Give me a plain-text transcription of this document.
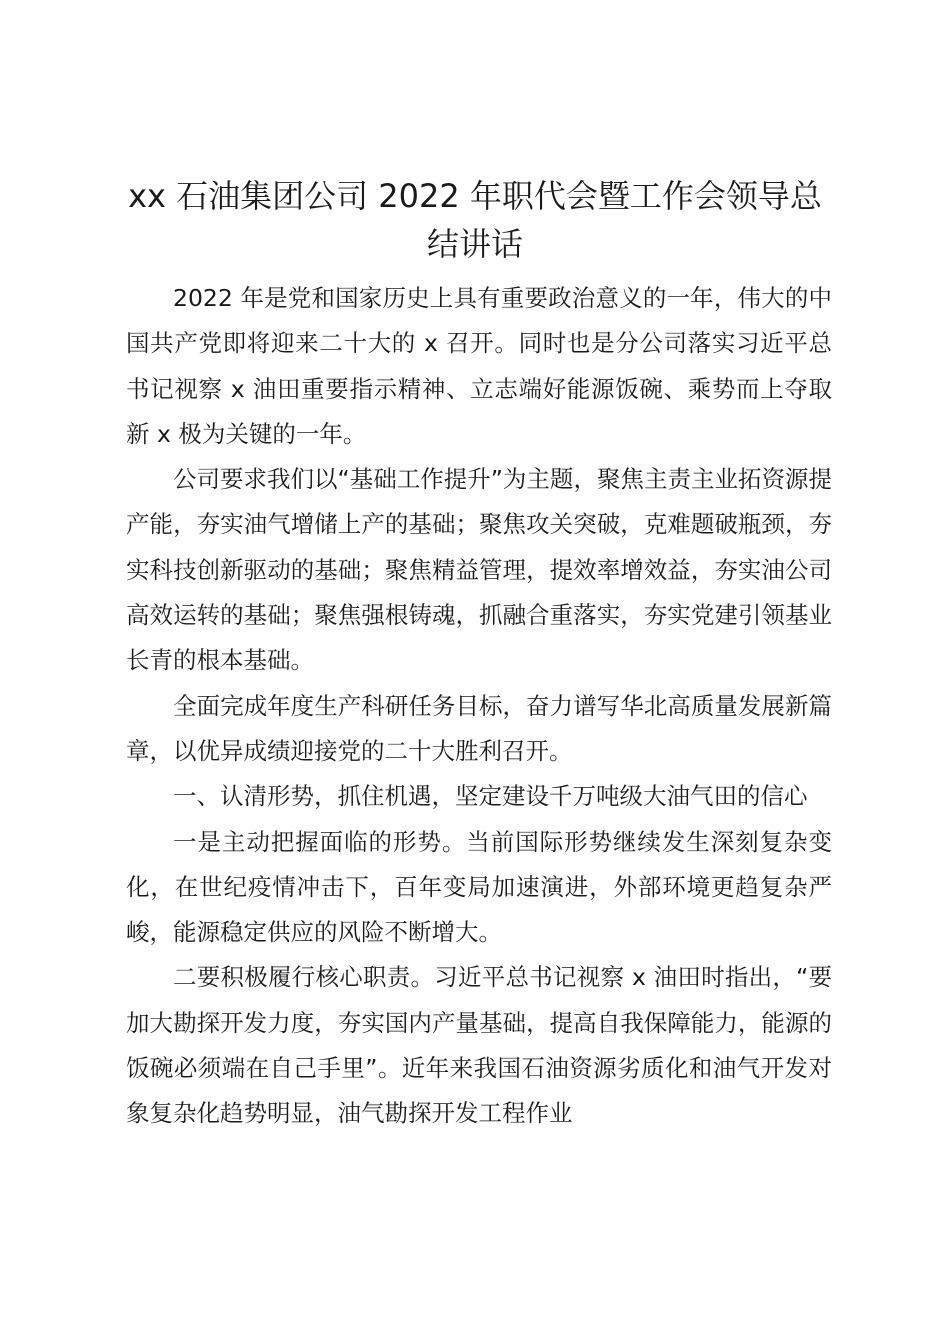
xx 石油集团公司 2022 年职代会暨工作会领导总结讲话

2022 年是党和国家历史上具有重要政治意义的一年，伟大的中国共产党即将迎来二十大的 x 召开。同时也是分公司落实习近平总书记视察 x 油田重要指示精神、立志端好能源饭碗、乘势而上夺取新 x 极为关键的一年。

公司要求我们以“基础工作提升”为主题，聚焦主责主业拓资源提产能，夯实油气增储上产的基础；聚焦攻关突破，克难题破瓶颈，夯实科技创新驱动的基础；聚焦精益管理，提效率增效益，夯实油公司高效运转的基础；聚焦强根铸魂，抓融合重落实，夯实党建引领基业长青的根本基础。

全面完成年度生产科研任务目标，奋力谱写华北高质量发展新篇章，以优异成绩迎接党的二十大胜利召开。

一、认清形势，抓住机遇，坚定建设千万吨级大油气田的信心

一是主动把握面临的形势。当前国际形势继续发生深刻复杂变化，在世纪疫情冲击下，百年变局加速演进，外部环境更趋复杂严峻，能源稳定供应的风险不断增大。

二要积极履行核心职责。习近平总书记视察 x 油田时指出，“要加大勘探开发力度，夯实国内产量基础，提高自我保障能力，能源的饭碗必须端在自己手里”。近年来我国石油资源劣质化和油气开发对象复杂化趋势明显，油气勘探开发工程作业
